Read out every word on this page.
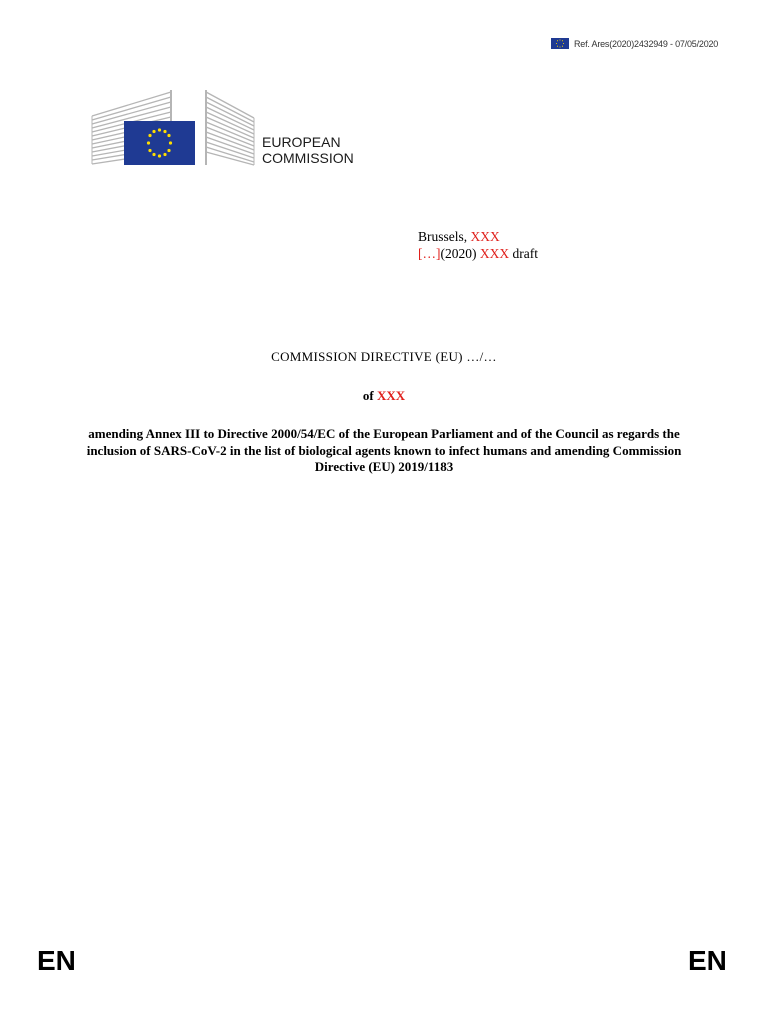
Ref. Ares(2020)2432949 - 07/05/2020
EUROPEAN
COMMISSION
Brussels, XXX
[…](2020) XXX draft
COMMISSION DIRECTIVE (EU) …/…
of XXX
amending Annex III to Directive 2000/54/EC of the European Parliament and of the Council as regards the inclusion of SARS-CoV-2 in the list of biological agents known to infect humans and amending Commission Directive (EU) 2019/1183
EN	EN
